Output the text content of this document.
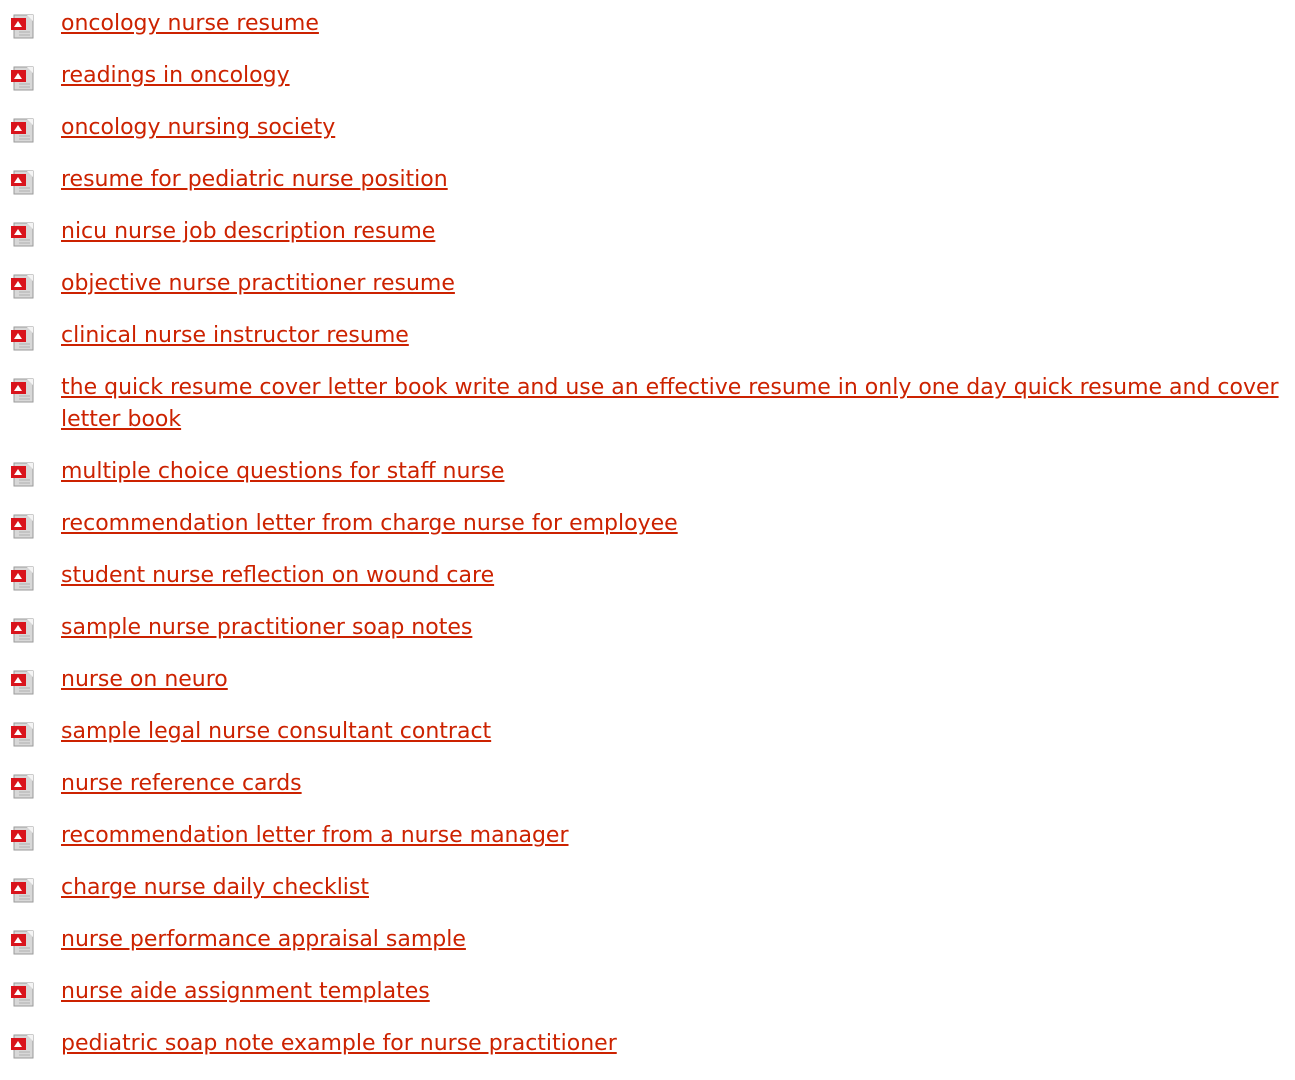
oncology nurse resume
readings in oncology
oncology nursing society
resume for pediatric nurse position
nicu nurse job description resume
objective nurse practitioner resume
clinical nurse instructor resume
the quick resume cover letter book write and use an effective resume in only one day quick resume and cover letter book
multiple choice questions for staff nurse
recommendation letter from charge nurse for employee
student nurse reflection on wound care
sample nurse practitioner soap notes
nurse on neuro
sample legal nurse consultant contract
nurse reference cards
recommendation letter from a nurse manager
charge nurse daily checklist
nurse performance appraisal sample
nurse aide assignment templates
pediatric soap note example for nurse practitioner
